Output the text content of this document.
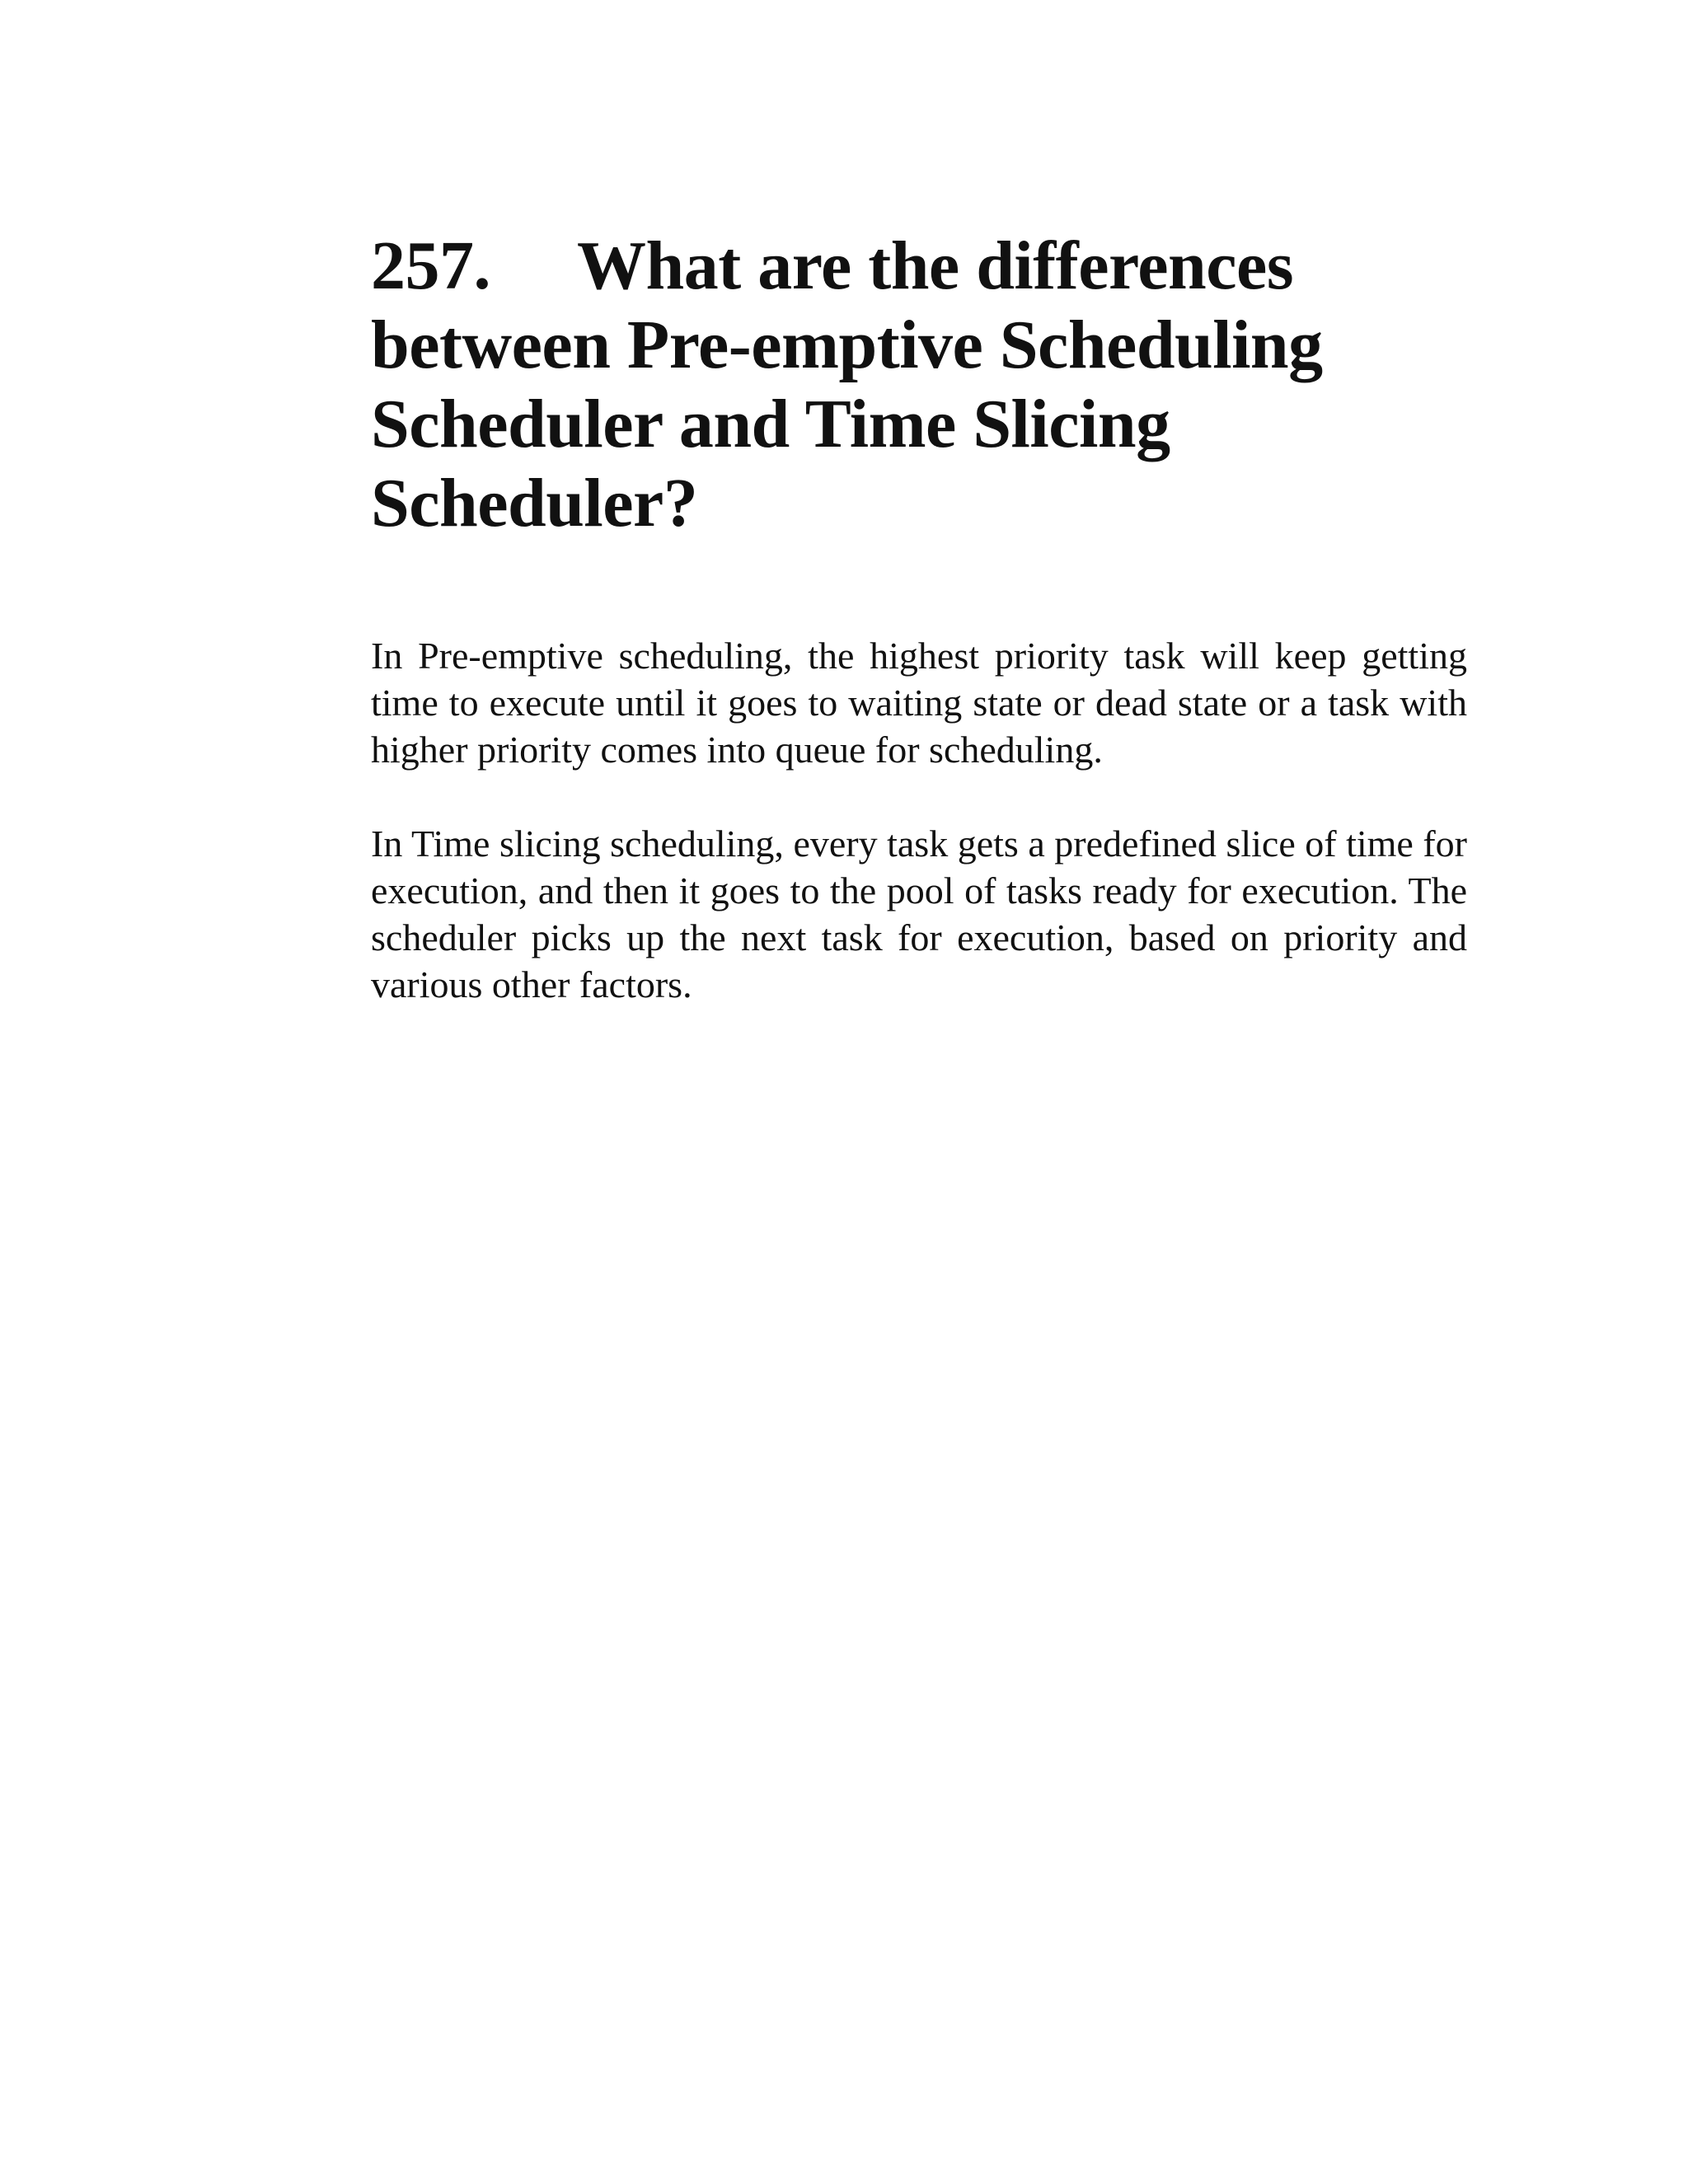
257. What are the differences between Pre-emptive Scheduling Scheduler and Time Slicing Scheduler?

In Pre-emptive scheduling, the highest priority task will keep getting time to execute until it goes to waiting state or dead state or a task with higher priority comes into queue for scheduling.

In Time slicing scheduling, every task gets a predefined slice of time for execution, and then it goes to the pool of tasks ready for execution. The scheduler picks up the next task for execution, based on priority and various other factors.
